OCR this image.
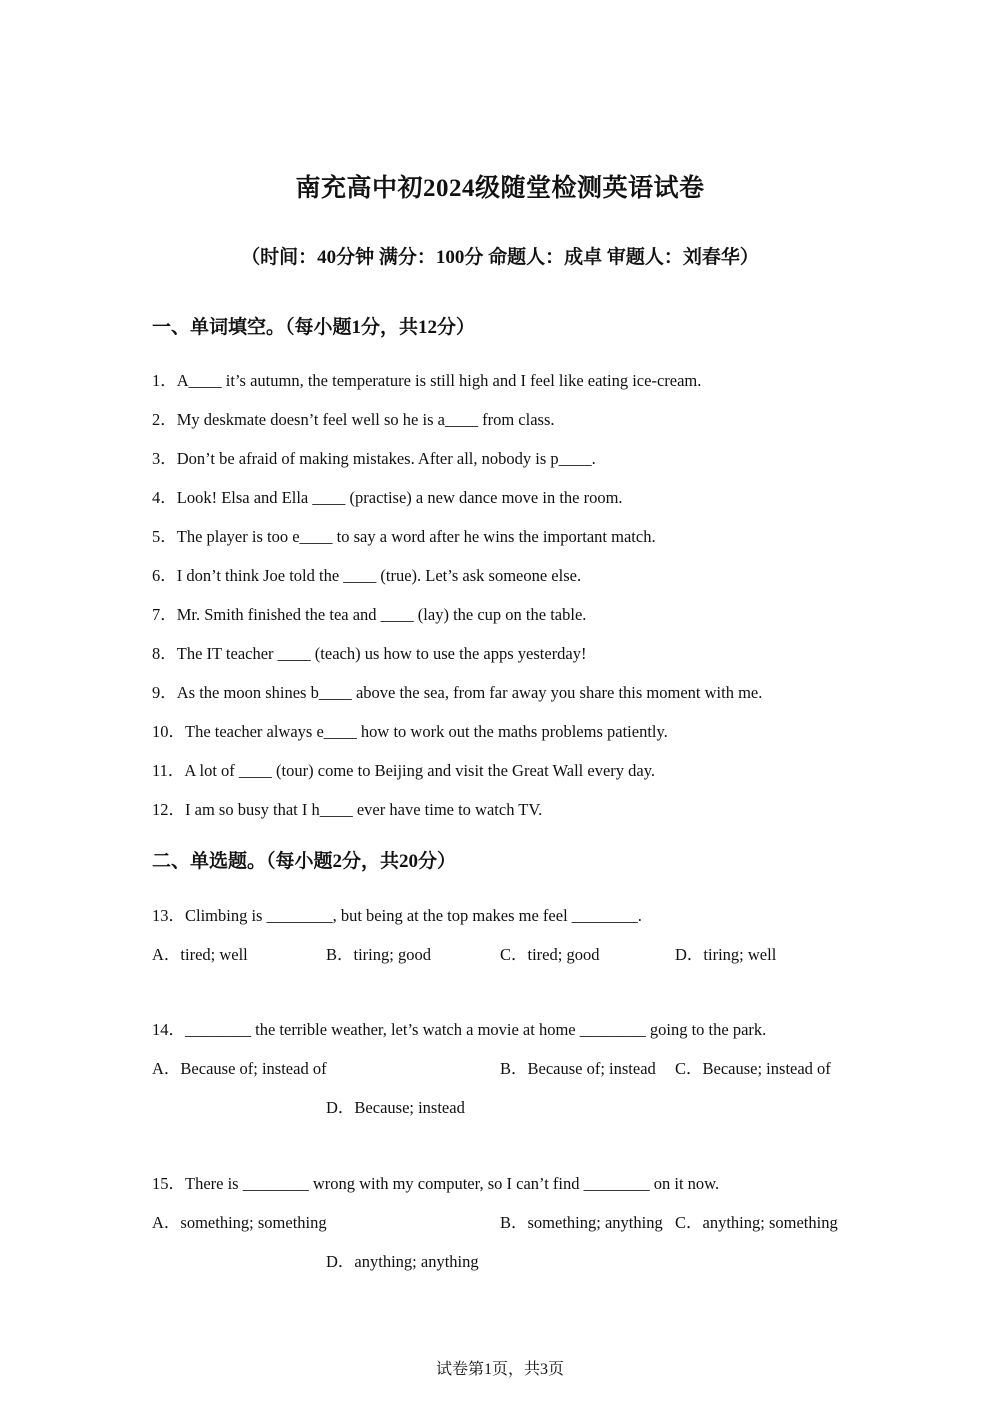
南充高中初2024级随堂检测英语试卷
（时间：40分钟 满分：100分 命题人：成卓 审题人：刘春华）
一、单词填空。（每小题1分，共12分）
1．A____ it’s autumn, the temperature is still high and I feel like eating ice-cream.
2．My deskmate doesn’t feel well so he is a____ from class.
3．Don’t be afraid of making mistakes. After all, nobody is p____.
4．Look! Elsa and Ella ____ (practise) a new dance move in the room.
5．The player is too e____ to say a word after he wins the important match.
6．I don’t think Joe told the ____ (true). Let’s ask someone else.
7．Mr. Smith finished the tea and ____ (lay) the cup on the table.
8．The IT teacher ____ (teach) us how to use the apps yesterday!
9．As the moon shines b____ above the sea, from far away you share this moment with me.
10．The teacher always e____ how to work out the maths problems patiently.
11．A lot of ____ (tour) come to Beijing and visit the Great Wall every day.
12．I am so busy that I h____ ever have time to watch TV.
二、单选题。（每小题2分，共20分）
13．Climbing is ________, but being at the top makes me feel ________.
A．tired; well	B．tiring; good	C．tired; good	D．tiring; well
14．________ the terrible weather, let’s watch a movie at home ________ going to the park.
A．Because of; instead of	B．Because of; instead C．Because; instead of
D．Because; instead
15．There is ________ wrong with my computer, so I can’t find ________ on it now.
A．something; something	B．something; anything C．anything; something
D．anything; anything
试卷第1页，共3页
